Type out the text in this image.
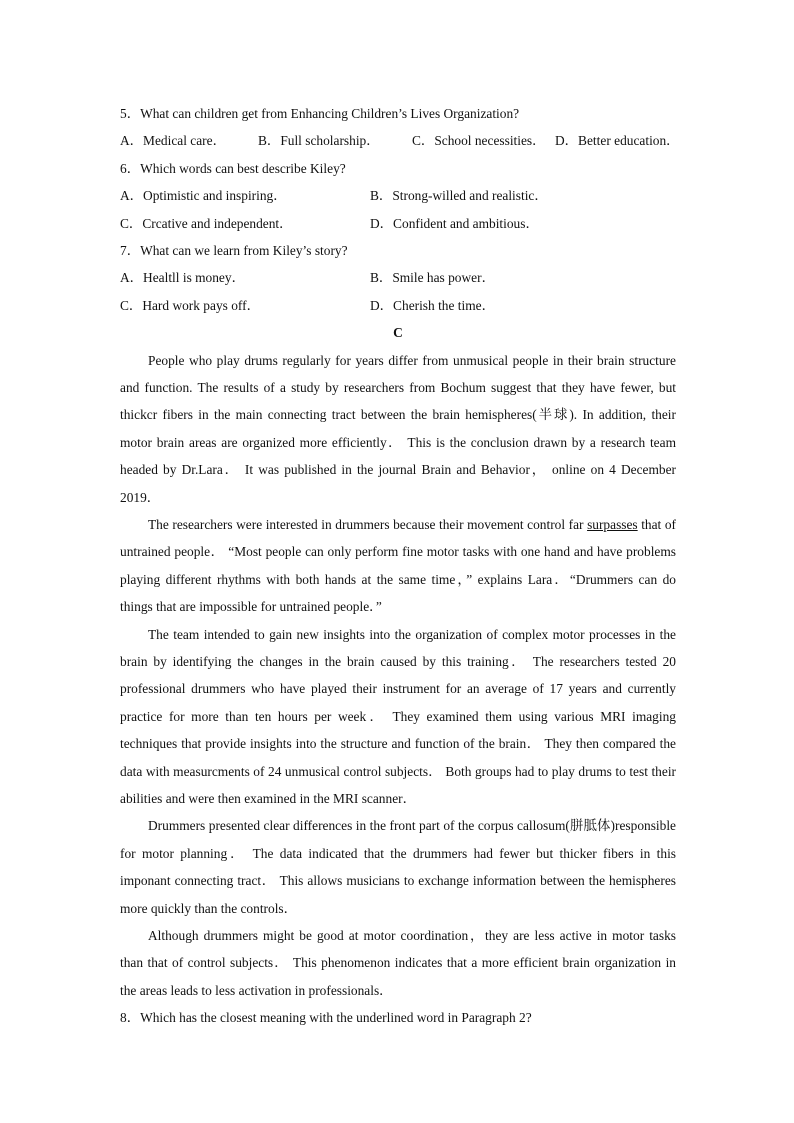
5．What can children get from Enhancing Children’s Lives Organization?
A．Medical care． B．Full scholarship． C．School necessities． D．Better education．
6．Which words can best describe Kiley?
A．Optimistic and inspiring．	B．Strong-willed and realistic．
C．Crcative and independent．	D．Confident and ambitious．
7．What can we learn from Kiley’s story?
A．Healtll is money．	B．Smile has power．
C．Hard work pays off．	D．Cherish the time．
C

People who play drums regularly for years differ from unmusical people in their brain structure and function. The results of a study by researchers from Bochum suggest that they have fewer, but thickcr fibers in the main connecting tract between the brain hemispheres(半球). In addition, their motor brain areas are organized more efficiently． This is the conclusion drawn by a research team headed by Dr.Lara． It was published in the journal Brain and Behavior， online on 4 December 2019．

The researchers were interested in drummers because their movement control far surpasses that of untrained people． “Most people can only perform fine motor tasks with one hand and have problems playing different rhythms with both hands at the same time，” explains Lara．“Drummers can do things that are impossible for untrained people．”

The team intended to gain new insights into the organization of complex motor processes in the brain by identifying the changes in the brain caused by this training． The researchers tested 20 professional drummers who have played their instrument for an average of 17 years and currently practice for more than ten hours per week． They examined them using various MRI imaging techniques that provide insights into the structure and function of the brain． They then compared the data with measurcments of 24 unmusical control subjects． Both groups had to play drums to test their abilities and were then examined in the MRI scanner．

Drummers presented clear differences in the front part of the corpus callosum(胼胝体)responsible for motor planning． The data indicated that the drummers had fewer but thicker fibers in this imponant connecting tract． This allows musicians to exchange information between the hemispheres more quickly than the controls．

Although drummers might be good at motor coordination，they are less active in motor tasks than that of control subjects． This phenomenon indicates that a more efficient brain organization in the areas leads to less activation in professionals．

8．Which has the closest meaning with the underlined word in Paragraph 2?
